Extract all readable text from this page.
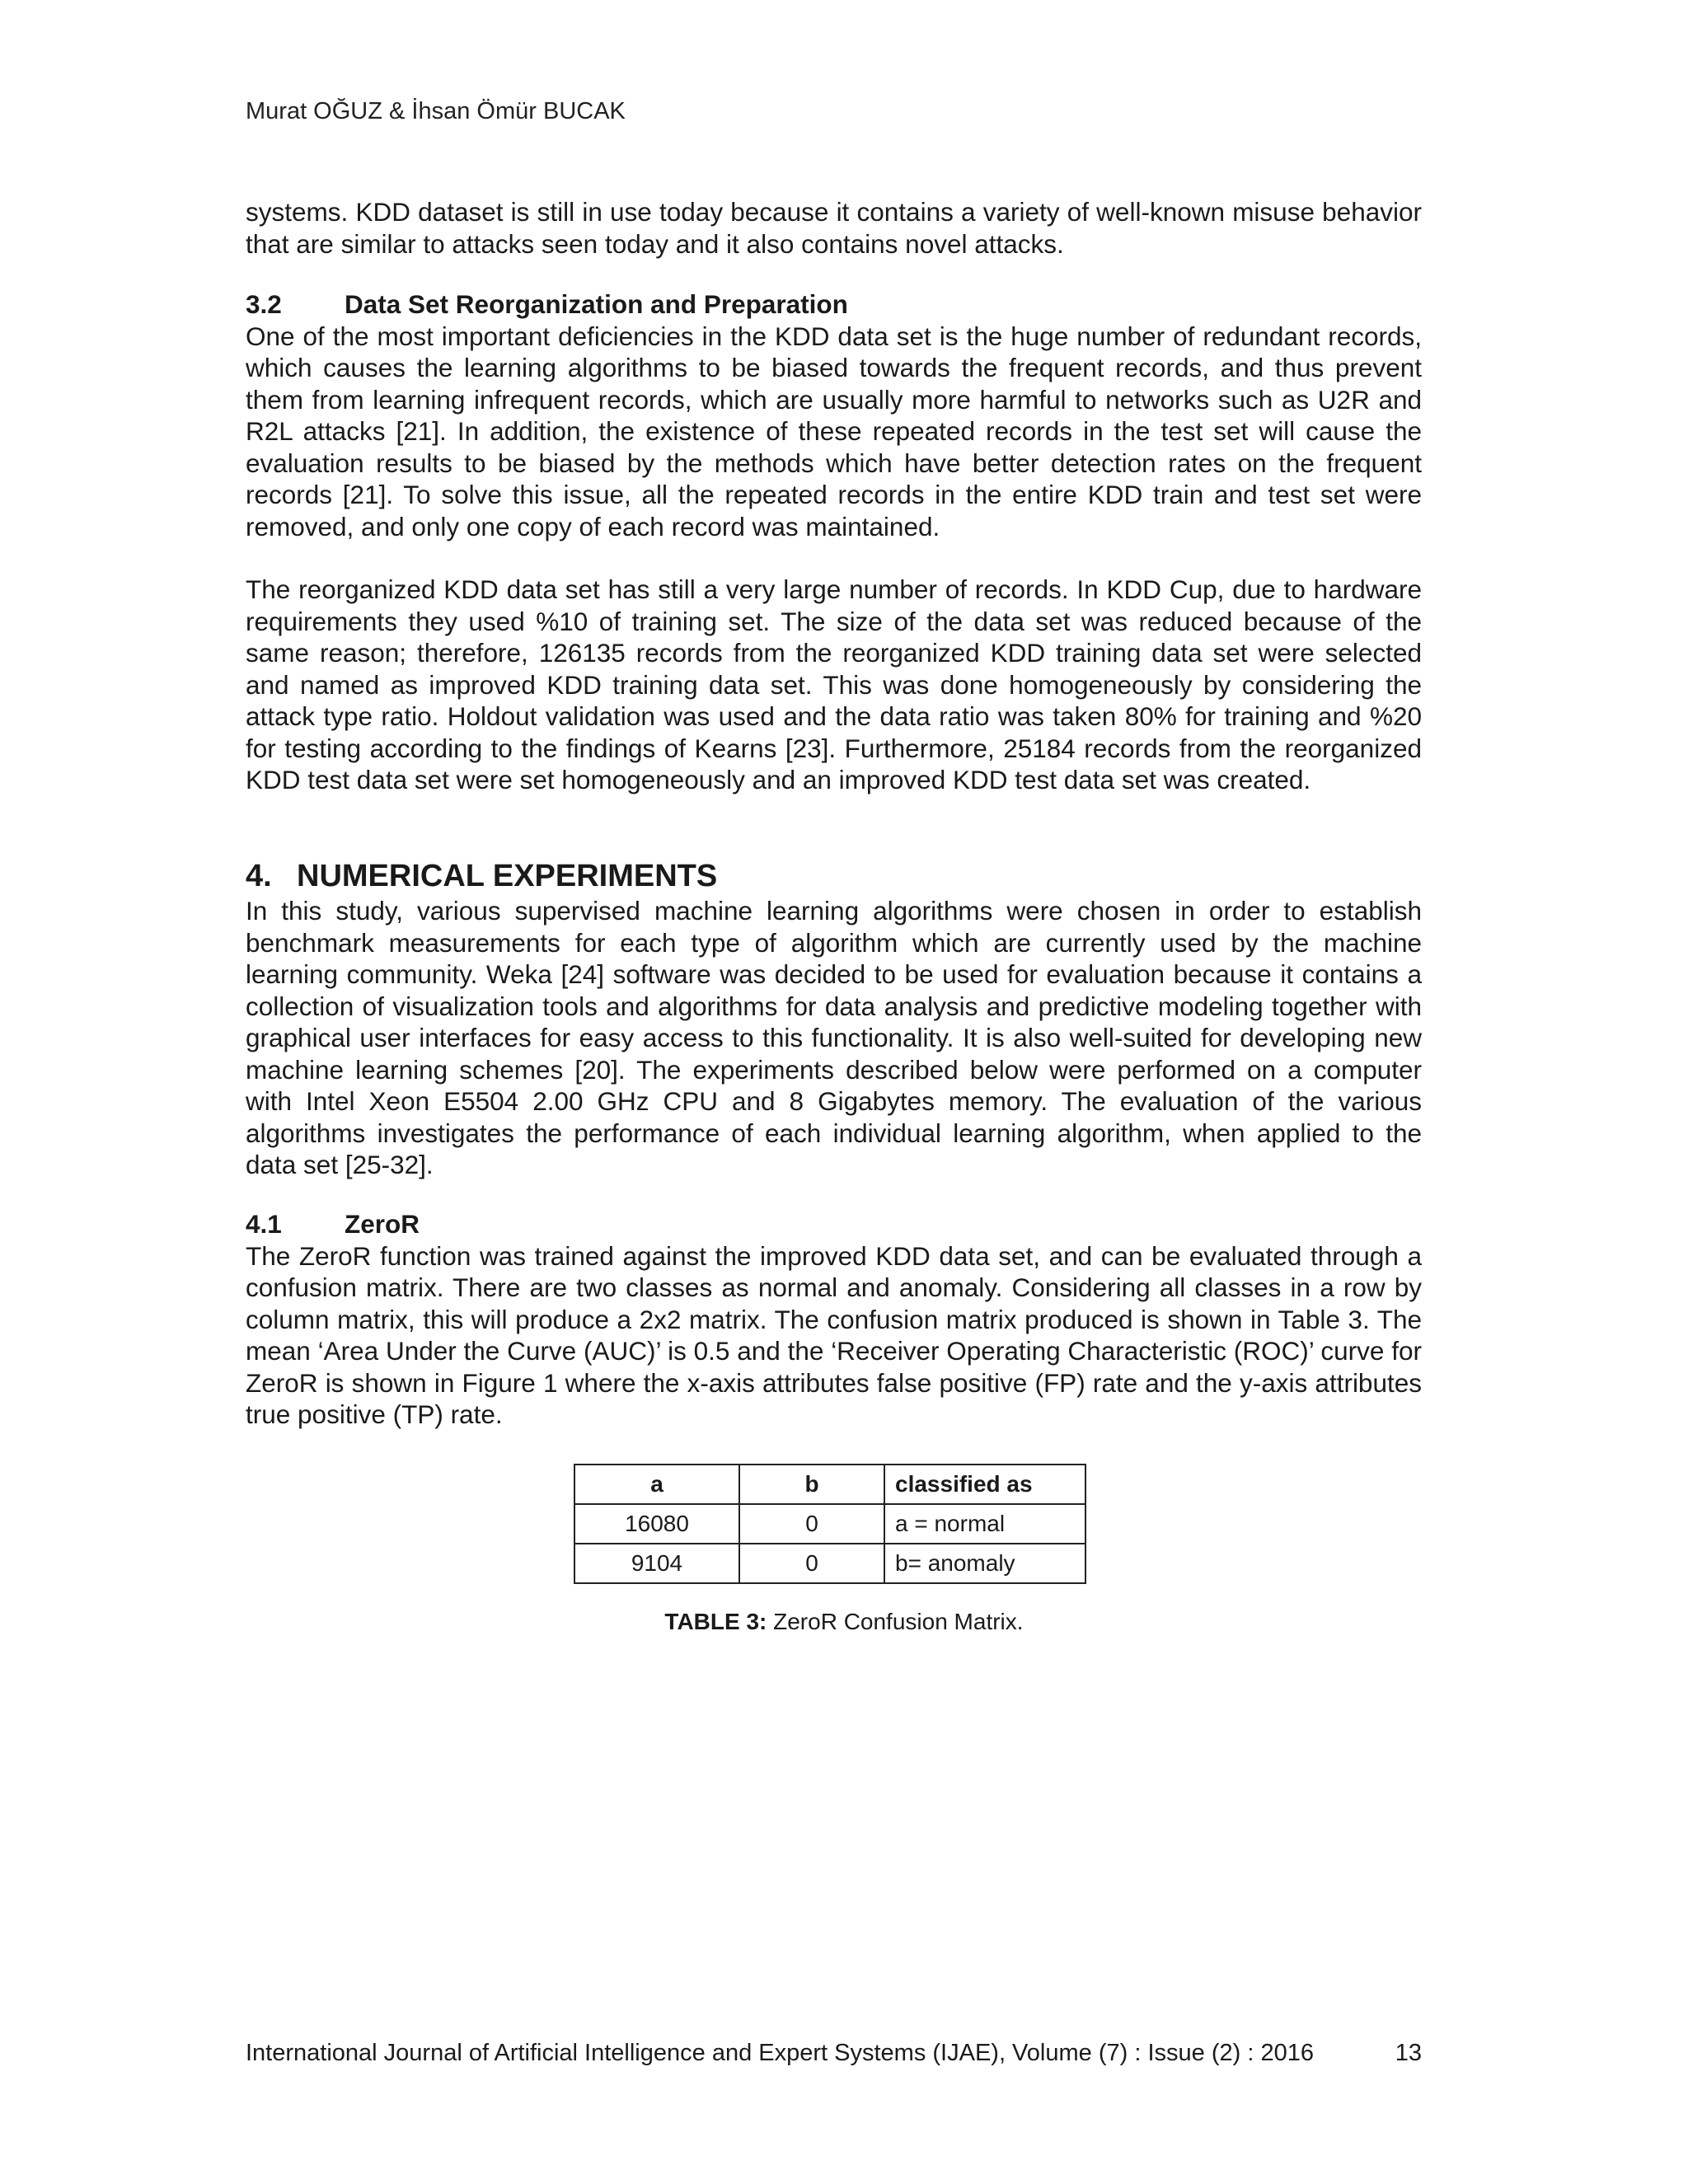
Murat OĞUZ & İhsan Ömür BUCAK

systems. KDD dataset is still in use today because it contains a variety of well-known misuse behavior that are similar to attacks seen today and it also contains novel attacks.

3.2	Data Set Reorganization and Preparation

One of the most important deficiencies in the KDD data set is the huge number of redundant records, which causes the learning algorithms to be biased towards the frequent records, and thus prevent them from learning infrequent records, which are usually more harmful to networks such as U2R and R2L attacks [21]. In addition, the existence of these repeated records in the test set will cause the evaluation results to be biased by the methods which have better detection rates on the frequent records [21]. To solve this issue, all the repeated records in the entire KDD train and test set were removed, and only one copy of each record was maintained.

The reorganized KDD data set has still a very large number of records. In KDD Cup, due to hardware requirements they used %10 of training set. The size of the data set was reduced because of the same reason; therefore, 126135 records from the reorganized KDD training data set were selected and named as improved KDD training data set. This was done homogeneously by considering the attack type ratio. Holdout validation was used and the data ratio was taken 80% for training and %20 for testing according to the findings of Kearns [23]. Furthermore, 25184 records from the reorganized KDD test data set were set homogeneously and an improved KDD test data set was created.

4. NUMERICAL EXPERIMENTS

In this study, various supervised machine learning algorithms were chosen in order to establish benchmark measurements for each type of algorithm which are currently used by the machine learning community. Weka [24] software was decided to be used for evaluation because it contains a collection of visualization tools and algorithms for data analysis and predictive modeling together with graphical user interfaces for easy access to this functionality. It is also well-suited for developing new machine learning schemes [20]. The experiments described below were performed on a computer with Intel Xeon E5504 2.00 GHz CPU and 8 Gigabytes memory. The evaluation of the various algorithms investigates the performance of each individual learning algorithm, when applied to the data set [25-32].

4.1	ZeroR

The ZeroR function was trained against the improved KDD data set, and can be evaluated through a confusion matrix. There are two classes as normal and anomaly. Considering all classes in a row by column matrix, this will produce a 2x2 matrix. The confusion matrix produced is shown in Table 3. The mean ‘Area Under the Curve (AUC)’ is 0.5 and the ‘Receiver Operating Characteristic (ROC)’ curve for ZeroR is shown in Figure 1 where the x-axis attributes false positive (FP) rate and the y-axis attributes true positive (TP) rate.

a	b	classified as
16080	0	a = normal
9104	0	b= anomaly
TABLE 3: ZeroR Confusion Matrix.
International Journal of Artificial Intelligence and Expert Systems (IJAE), Volume (7) : Issue (2) : 2016	13
